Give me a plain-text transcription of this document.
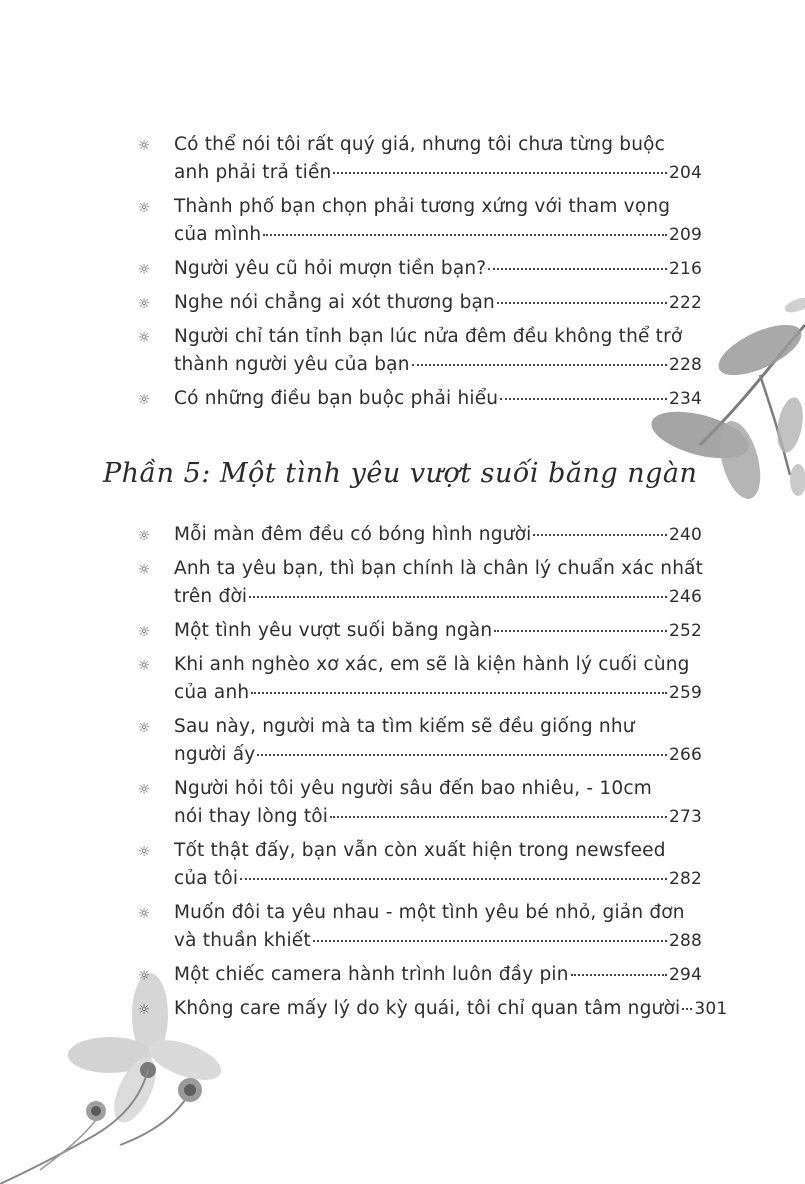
☼ Có thể nói tôi rất quý giá, nhưng tôi chưa từng buộc
anh phải trả tiền	204
☼ Thành phố bạn chọn phải tương xứng với tham vọng
của mình	209
☼ Người yêu cũ hỏi mượn tiền bạn?	216
☼ Nghe nói chẳng ai xót thương bạn	222
☼ Người chỉ tán tỉnh bạn lúc nửa đêm đều không thể trở
thành người yêu của bạn	228
☼ Có những điều bạn buộc phải hiểu	234
Phần 5: Một tình yêu vượt suối băng ngàn
☼ Mỗi màn đêm đều có bóng hình người	240
☼ Anh ta yêu bạn, thì bạn chính là chân lý chuẩn xác nhất
trên đời	246
☼ Một tình yêu vượt suối băng ngàn	252
☼ Khi anh nghèo xơ xác, em sẽ là kiện hành lý cuối cùng
của anh	259
☼ Sau này, người mà ta tìm kiếm sẽ đều giống như
người ấy	266
☼ Người hỏi tôi yêu người sâu đến bao nhiêu, - 10cm
nói thay lòng tôi	273
☼ Tốt thật đấy, bạn vẫn còn xuất hiện trong newsfeed
của tôi	282
☼ Muốn đôi ta yêu nhau - một tình yêu bé nhỏ, giản đơn
và thuần khiết	288
☼ Một chiếc camera hành trình luôn đầy pin	294
☼ Không care mấy lý do kỳ quái, tôi chỉ quan tâm người 301
